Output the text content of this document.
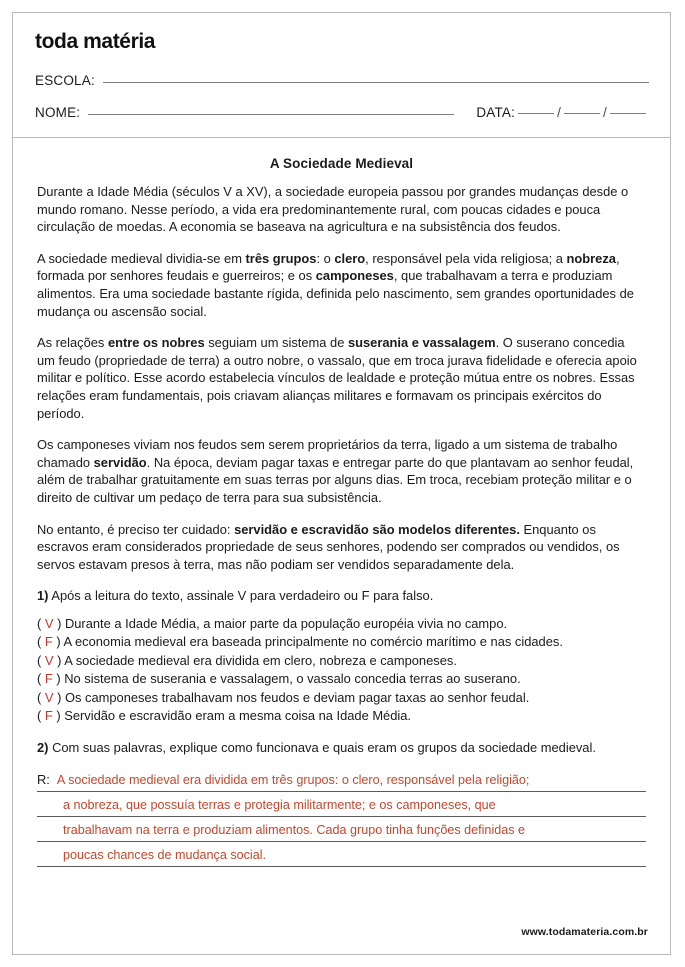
toda matéria
ESCOLA:
NOME:	DATA:	/	/
A Sociedade Medieval

Durante a Idade Média (séculos V a XV), a sociedade europeia passou por grandes mudanças desde o mundo romano. Nesse período, a vida era predominantemente rural, com poucas cidades e pouca circulação de moedas. A economia se baseava na agricultura e na subsistência dos feudos.

A sociedade medieval dividia-se em três grupos: o clero, responsável pela vida religiosa; a nobreza, formada por senhores feudais e guerreiros; e os camponeses, que trabalhavam a terra e produziam alimentos. Era uma sociedade bastante rígida, definida pelo nascimento, sem grandes oportunidades de mudança ou ascensão social.

As relações entre os nobres seguiam um sistema de suserania e vassalagem. O suserano concedia um feudo (propriedade de terra) a outro nobre, o vassalo, que em troca jurava fidelidade e oferecia apoio militar e político. Esse acordo estabelecia vínculos de lealdade e proteção mútua entre os nobres. Essas relações eram fundamentais, pois criavam alianças militares e formavam os principais exércitos do período.

Os camponeses viviam nos feudos sem serem proprietários da terra, ligado a um sistema de trabalho chamado servidão. Na época, deviam pagar taxas e entregar parte do que plantavam ao senhor feudal, além de trabalhar gratuitamente em suas terras por alguns dias. Em troca, recebiam proteção militar e o direito de cultivar um pedaço de terra para sua subsistência.

No entanto, é preciso ter cuidado: servidão e escravidão são modelos diferentes. Enquanto os escravos eram considerados propriedade de seus senhores, podendo ser comprados ou vendidos, os servos estavam presos à terra, mas não podiam ser vendidos separadamente dela.

1) Após a leitura do texto, assinale V para verdadeiro ou F para falso.

( V ) Durante a Idade Média, a maior parte da população européia vivia no campo.
( F ) A economia medieval era baseada principalmente no comércio marítimo e nas cidades.
( V ) A sociedade medieval era dividida em clero, nobreza e camponeses.
( F ) No sistema de suserania e vassalagem, o vassalo concedia terras ao suserano.
( V ) Os camponeses trabalhavam nos feudos e deviam pagar taxas ao senhor feudal.
( F ) Servidão e escravidão eram a mesma coisa na Idade Média.

2) Com suas palavras, explique como funcionava e quais eram os grupos da sociedade medieval.

R: A sociedade medieval era dividida em três grupos: o clero, responsável pela religião;
a nobreza, que possuía terras e protegia militarmente; e os camponeses, que
trabalhavam na terra e produziam alimentos. Cada grupo tinha funções definidas e
poucas chances de mudança social.
www.todamateria.com.br
